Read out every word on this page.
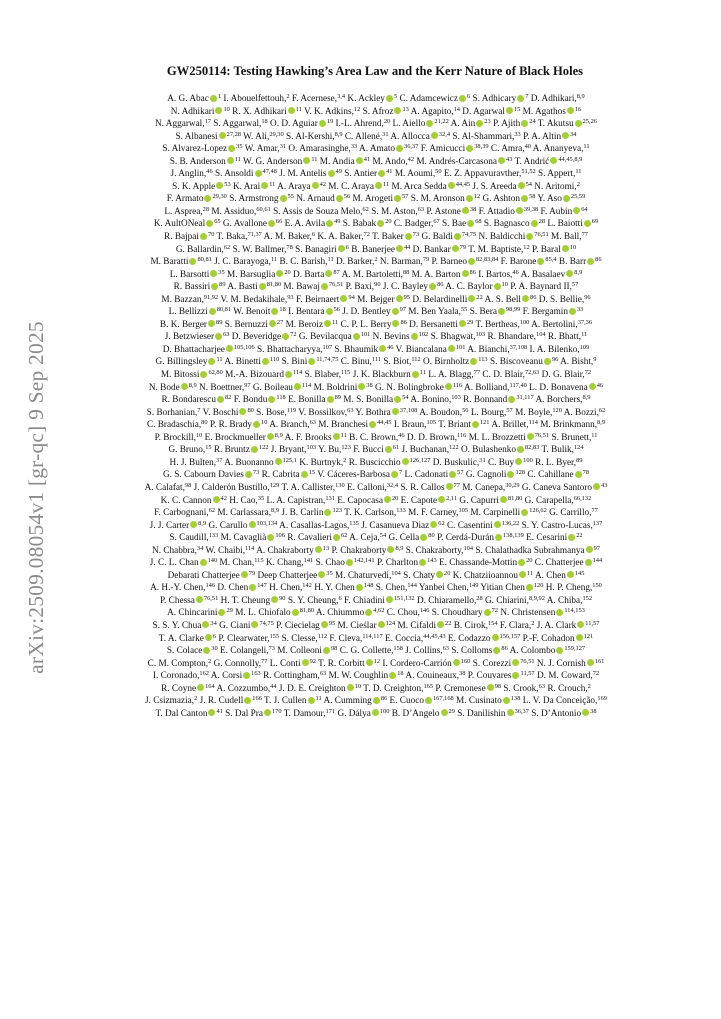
arXiv:2509.08054v1 [gr-qc] 9 Sep 2025
GW250114: Testing Hawking’s Area Law and the Kerr Nature of Black Holes
A. G. Abac $^1$ I. Abouelfettouh,$^2$ F. Acernese,$^{3,4}$ K. Ackley $^5$ C. Adamcewicz $^6$ S. Adhicary $^7$ D. Adhikari,$^{8,9}$
N. Adhikari $^{10}$ R. X. Adhikari $^{11}$ V. K. Adkins,$^{12}$ S. Afroz $^{13}$ A. Agapito,$^{14}$ D. Agarwal $^{15}$ M. Agathos $^{16}$
N. Aggarwal,$^{17}$ S. Aggarwal,$^{18}$ O. D. Aguiar $^{19}$ I.-L. Ahrend,$^{20}$ L. Aiello $^{21,22}$ A. Ain $^{23}$ P. Ajith $^{24}$ T. Akutsu $^{25,26}$
S. Albanesi $^{27,28}$ W. Ali,$^{29,30}$ S. Al-Kershi,$^{8,9}$ C. Allené,$^{31}$ A. Allocca $^{32,4}$ S. Al-Shammari,$^{33}$ P. A. Altin $^{34}$
S. Alvarez-Lopez $^{35}$ W. Amar,$^{31}$ O. Amarasinghe,$^{33}$ A. Amato $^{36,37}$ F. Amicucci $^{38,39}$ C. Amra,$^{40}$ A. Ananyeva,$^{11}$
S. B. Anderson $^{11}$ W. G. Anderson $^{11}$ M. Andia $^{41}$ M. Ando,$^{42}$ M. Andrés-Carcasona $^{43}$ T. Andrić $^{44,45,8,9}$
J. Anglin,$^{46}$ S. Ansoldi $^{47,48}$ J. M. Antelis $^{49}$ S. Antier $^{41}$ M. Aoumi,$^{50}$ E. Z. Appavuravther,$^{51,52}$ S. Appert,$^{11}$
S. K. Apple $^{53}$ K. Arai $^{11}$ A. Araya $^{42}$ M. C. Araya $^{11}$ M. Arca Sedda $^{44,45}$ J. S. Areeda $^{54}$ N. Aritomi,$^2$
F. Armato $^{29,30}$ S. Armstrong $^{55}$ N. Arnaud $^{56}$ M. Arogeti $^{57}$ S. M. Aronson $^{12}$ G. Ashton $^{58}$ Y. Aso $^{25,59}$
L. Asprea,$^{28}$ M. Assiduo,$^{60,61}$ S. Assis de Souza Melo,$^{62}$ S. M. Aston,$^{63}$ P. Astone $^{38}$ F. Attadio $^{39,38}$ F. Aubin $^{64}$
K. AultONeal $^{65}$ G. Avallone $^{66}$ E. A. Avila $^{49}$ S. Babak $^{20}$ C. Badger,$^{67}$ S. Bae $^{68}$ S. Bagnasco $^{28}$ L. Baiotti $^{69}$
R. Bajpai $^{70}$ T. Baka,$^{71,37}$ A. M. Baker,$^6$ K. A. Baker,$^{72}$ T. Baker $^{73}$ G. Baldi $^{74,75}$ N. Baldicchi $^{76,51}$ M. Ball,$^{77}$
G. Ballardin,$^{62}$ S. W. Ballmer,$^{78}$ S. Banagiri $^6$ B. Banerjee $^{44}$ D. Bankar $^{79}$ T. M. Baptiste,$^{12}$ P. Baral $^{10}$
M. Baratti $^{80,81}$ J. C. Barayoga,$^{11}$ B. C. Barish,$^{11}$ D. Barker,$^2$ N. Barman,$^{79}$ P. Barneo $^{82,83,84}$ F. Barone $^{85,4}$ B. Barr $^{86}$
L. Barsotti $^{35}$ M. Barsuglia $^{20}$ D. Barta $^{87}$ A. M. Bartoletti,$^{88}$ M. A. Barton $^{86}$ I. Bartos,$^{46}$ A. Basalaev $^{8,9}$
R. Bassiri $^{89}$ A. Basti $^{81,80}$ M. Bawaj $^{76,51}$ P. Baxi,$^{90}$ J. C. Bayley $^{86}$ A. C. Baylor $^{10}$ P. A. Baynard II,$^{57}$
M. Bazzan,$^{91,92}$ V. M. Bedakihale,$^{93}$ F. Beirnaert $^{94}$ M. Bejger $^{95}$ D. Belardinelli $^{22}$ A. S. Bell $^{86}$ D. S. Bellie,$^{96}$
L. Bellizzi $^{80,81}$ W. Benoit $^{18}$ I. Bentara $^{56}$ J. D. Bentley $^{97}$ M. Ben Yaala,$^{55}$ S. Bera $^{98,99}$ F. Bergamin $^{33}$
B. K. Berger $^{89}$ S. Bernuzzi $^{27}$ M. Beroiz $^{11}$ C. P. L. Berry $^{86}$ D. Bersanetti $^{29}$ T. Bertheas,$^{100}$ A. Bertolini,$^{37,36}$
J. Betzwieser $^{63}$ D. Beveridge $^{72}$ G. Bevilacqua $^{101}$ N. Bevins $^{102}$ S. Bhagwat,$^{103}$ R. Bhandare,$^{104}$ R. Bhatt,$^{11}$
D. Bhattacharjee $^{105,106}$ S. Bhattacharyya,$^{107}$ S. Bhaumik $^{46}$ V. Biancalana $^{101}$ A. Bianchi,$^{37,108}$ I. A. Bilenko,$^{109}$
G. Billingsley $^{11}$ A. Binetti $^{110}$ S. Bini $^{11,74,75}$ C. Binu,$^{111}$ S. Biot,$^{112}$ O. Birnholtz $^{113}$ S. Biscoveanu $^{96}$ A. Bisht,$^9$
M. Bitossi $^{62,80}$ M.-A. Bizouard $^{114}$ S. Blaber,$^{115}$ J. K. Blackburn $^{11}$ L. A. Blagg,$^{77}$ C. D. Blair,$^{72,63}$ D. G. Blair,$^{72}$
N. Bode $^{8,9}$ N. Boettner,$^{97}$ G. Boileau $^{114}$ M. Boldrini $^{38}$ G. N. Bolingbroke $^{116}$ A. Bolliand,$^{117,40}$ L. D. Bonavena $^{46}$
R. Bondarescu $^{82}$ F. Bondu $^{118}$ E. Bonilla $^{89}$ M. S. Bonilla $^{54}$ A. Bonino,$^{103}$ R. Bonnand $^{31,117}$ A. Borchers,$^{8,9}$
S. Borhanian,$^7$ V. Boschi $^{80}$ S. Bose,$^{119}$ V. Bossilkov,$^{63}$ Y. Bothra $^{37,108}$ A. Boudon,$^{56}$ L. Bourg,$^{57}$ M. Boyle,$^{120}$ A. Bozzi,$^{62}$
C. Bradaschia,$^{80}$ P. R. Brady $^{10}$ A. Branch,$^{63}$ M. Branchesi $^{44,45}$ I. Braun,$^{105}$ T. Briant $^{121}$ A. Brillet,$^{114}$ M. Brinkmann,$^{8,9}$
P. Brockill,$^{10}$ E. Brockmueller $^{8,9}$ A. F. Brooks $^{11}$ B. C. Brown,$^{46}$ D. D. Brown,$^{116}$ M. L. Brozzetti $^{76,51}$ S. Brunett,$^{11}$
G. Bruno,$^{15}$ R. Bruntz $^{122}$ J. Bryant,$^{103}$ Y. Bu,$^{123}$ F. Bucci $^{61}$ J. Buchanan,$^{122}$ O. Bulashenko $^{82,83}$ T. Bulik,$^{124}$
H. J. Bulten,$^{37}$ A. Buonanno $^{125,1}$ K. Burtnyk,$^2$ R. Buscicchio $^{126,127}$ D. Buskulic,$^{31}$ C. Buy $^{100}$ R. L. Byer,$^{89}$
G. S. Cabourn Davies $^{73}$ R. Cabrita $^{15}$ V. Cáceres-Barbosa $^7$ L. Cadonati $^{57}$ G. Cagnoli $^{128}$ C. Cahillane $^{78}$
A. Calafat,$^{98}$ J. Calderón Bustillo,$^{129}$ T. A. Callister,$^{130}$ E. Calloni,$^{32,4}$ S. R. Callos $^{77}$ M. Canepa,$^{30,29}$ G. Caneva Santoro $^{43}$
K. C. Cannon $^{42}$ H. Cao,$^{35}$ L. A. Capistran,$^{131}$ E. Capocasa $^{20}$ E. Capote $^{2,11}$ G. Capurri $^{81,80}$ G. Carapella,$^{66,132}$
F. Carbognani,$^{62}$ M. Carlassara,$^{8,9}$ J. B. Carlin $^{123}$ T. K. Carlson,$^{133}$ M. F. Carney,$^{105}$ M. Carpinelli $^{126,62}$ G. Carrillo,$^{77}$
J. J. Carter $^{8,9}$ G. Carullo $^{103,134}$ A. Casallas-Lagos,$^{135}$ J. Casanueva Diaz $^{62}$ C. Casentini $^{136,22}$ S. Y. Castro-Lucas,$^{137}$
S. Caudill,$^{133}$ M. Cavaglià $^{106}$ R. Cavalieri $^{62}$ A. Ceja,$^{54}$ G. Cella $^{80}$ P. Cerdá-Durán $^{138,139}$ E. Cesarini $^{22}$
N. Chabbra,$^{34}$ W. Chaibi,$^{114}$ A. Chakraborty $^{13}$ P. Chakraborty $^{8,9}$ S. Chakraborty,$^{104}$ S. Chalathadka Subrahmanya $^{97}$
J. C. L. Chan $^{140}$ M. Chan,$^{115}$ K. Chang,$^{141}$ S. Chao $^{142,141}$ P. Charlton $^{143}$ E. Chassande-Mottin $^{20}$ C. Chatterjee $^{144}$
Debarati Chatterjee $^{79}$ Deep Chatterjee $^{35}$ M. Chaturvedi,$^{104}$ S. Chaty $^{20}$ K. Chatziioannou $^{11}$ A. Chen $^{145}$
A. H.-Y. Chen,$^{146}$ D. Chen $^{147}$ H. Chen,$^{142}$ H. Y. Chen $^{148}$ S. Chen,$^{144}$ Yanbei Chen,$^{149}$ Yitian Chen $^{120}$ H. P. Cheng,$^{150}$
P. Chessa $^{76,51}$ H. T. Cheung $^{90}$ S. Y. Cheung,$^6$ F. Chiadini $^{151,132}$ D. Chiaramello,$^{28}$ G. Chiarini,$^{8,9,92}$ A. Chiba,$^{152}$
A. Chincarini $^{29}$ M. L. Chiofalo $^{81,80}$ A. Chiummo $^{4,62}$ C. Chou,$^{146}$ S. Choudhary $^{72}$ N. Christensen $^{114,153}$
S. S. Y. Chua $^{34}$ G. Ciani $^{74,75}$ P. Ciecielag $^{95}$ M. Cieślar $^{124}$ M. Cifaldi $^{22}$ B. Cirok,$^{154}$ F. Clara,$^2$ J. A. Clark $^{11,57}$
T. A. Clarke $^6$ P. Clearwater,$^{155}$ S. Clesse,$^{112}$ F. Cleva,$^{114,117}$ E. Coccia,$^{44,45,43}$ E. Codazzo $^{156,157}$ P.-F. Cohadon $^{121}$
S. Colace $^{30}$ E. Colangeli,$^{73}$ M. Colleoni $^{98}$ C. G. Collette,$^{158}$ J. Collins,$^{63}$ S. Colloms $^{86}$ A. Colombo $^{159,127}$
C. M. Compton,$^2$ G. Connolly,$^{77}$ L. Conti $^{92}$ T. R. Corbitt $^{12}$ I. Cordero-Carrión $^{160}$ S. Corezzi $^{76,51}$ N. J. Cornish $^{161}$
I. Coronado,$^{162}$ A. Corsi $^{163}$ R. Cottingham,$^{63}$ M. W. Coughlin $^{18}$ A. Couineaux,$^{38}$ P. Couvares $^{11,57}$ D. M. Coward,$^{72}$
R. Coyne $^{164}$ A. Cozzumbo,$^{44}$ J. D. E. Creighton $^{10}$ T. D. Creighton,$^{165}$ P. Cremonese $^{98}$ S. Crook,$^{63}$ R. Crouch,$^2$
J. Csizmazia,$^2$ J. R. Cudell $^{166}$ T. J. Cullen $^{11}$ A. Cumming $^{86}$ E. Cuoco $^{167,168}$ M. Cusinato $^{138}$ L. V. Da Conceição,$^{169}$
T. Dal Canton $^{41}$ S. Dal Pra $^{170}$ T. Damour,$^{171}$ G. Dálya $^{100}$ B. D’Angelo $^{29}$ S. Danilishin $^{36,37}$ S. D’Antonio $^{38}$
